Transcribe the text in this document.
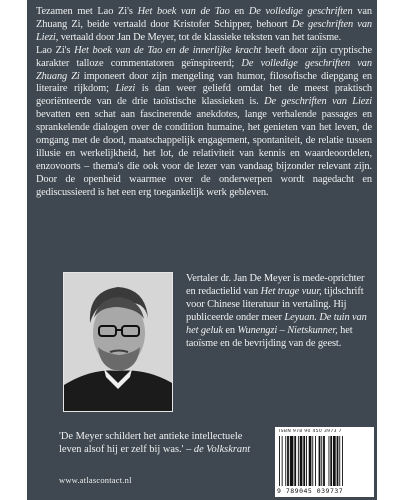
Tezamen met Lao Zi's Het boek van de Tao en De volledige geschriften van Zhuang Zi, beide vertaald door Kristofer Schipper, behoort De geschriften van Liezi, vertaald door Jan De Meyer, tot de klassieke teksten van het taoïsme.

Lao Zi's Het boek van de Tao en de innerlijke kracht heeft door zijn cryptische karakter talloze commentatoren geïnspireerd; De volledige geschriften van Zhuang Zi imponeert door zijn mengeling van humor, filosofische diepgang en literaire rijkdom; Liezi is dan weer geliefd omdat het de meest praktisch georiënteerde van de drie taoïstische klassieken is. De geschriften van Liezi bevatten een schat aan fascinerende anekdotes, lange verhalende passages en sprankelende dialogen over de condition humaine, het genieten van het leven, de omgang met de dood, maatschappelijk engagement, spontaniteit, de relatie tussen illusie en werkelijkheid, het lot, de relativiteit van kennis en waardeoordelen, enzovoorts – thema's die ook voor de lezer van vandaag bijzonder relevant zijn. Door de openheid waarmee over de onderwerpen wordt nagedacht en gediscussieerd is het een erg toegankelijk werk gebleven.

Vertaler dr. Jan De Meyer is mede-oprichter en redactielid van Het trage vuur, tijdschrift voor Chinese literatuur in vertaling. Hij publiceerde onder meer Leyuan. De tuin van het geluk en Wunengzi – Nietskunner, het taoïsme en de bevrijding van de geest.
'De Meyer schildert het antieke intellectuele leven alsof hij er zelf bij was.' – de Volkskrant
www.atlascontact.nl
ISBN 978 90 450 3973 7
9 789045 039737
